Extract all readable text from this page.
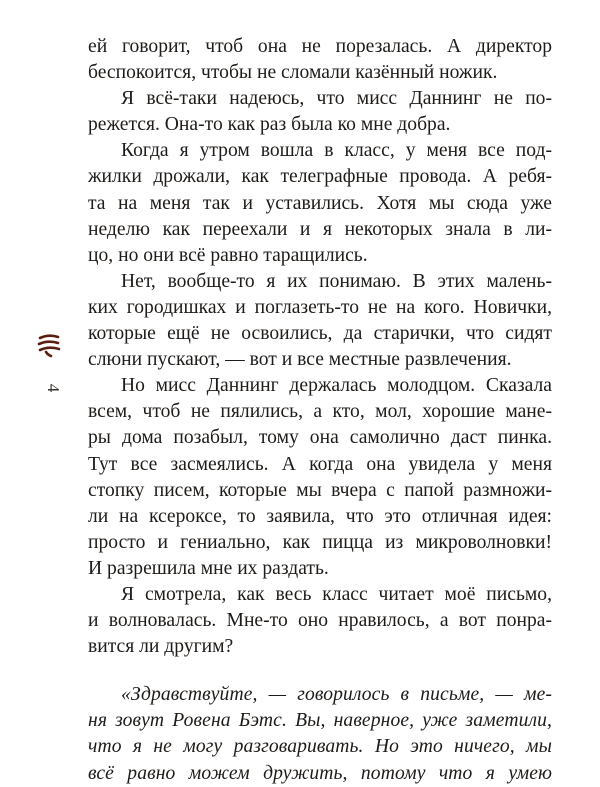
ей говорит, чтоб она не порезалась. А директор
беспокоится, чтобы не сломали казённый ножик.
Я всё-таки надеюсь, что мисс Даннинг не по-
режется. Она-то как раз была ко мне добра.
Когда я утром вошла в класс, у меня все под-
жилки дрожали, как телеграфные провода. А ребя-
та на меня так и уставились. Хотя мы сюда уже
неделю как переехали и я некоторых знала в ли-
цо, но они всё равно таращились.
Нет, вообще-то я их понимаю. В этих малень-
ких городишках и поглазеть-то не на кого. Новички,
которые ещё не освоились, да старички, что сидят
слюни пускают, — вот и все местные развлечения.
Но мисс Даннинг держалась молодцом. Сказала
всем, чтоб не пялились, а кто, мол, хорошие мане-
ры дома позабыл, тому она самолично даст пинка.
Тут все засмеялись. А когда она увидела у меня
стопку писем, которые мы вчера с папой размножи-
ли на ксероксе, то заявила, что это отличная идея:
просто и гениально, как пицца из микроволновки!
И разрешила мне их раздать.
Я смотрела, как весь класс читает моё письмо,
и волновалась. Мне-то оно нравилось, а вот понра-
вится ли другим?
«Здравствуйте, — говорилось в письме, — ме-
ня зовут Ровена Бэтс. Вы, наверное, уже заметили,
что я не могу разговаривать. Но это ничего, мы
всё равно можем дружить, потому что я умею
4
